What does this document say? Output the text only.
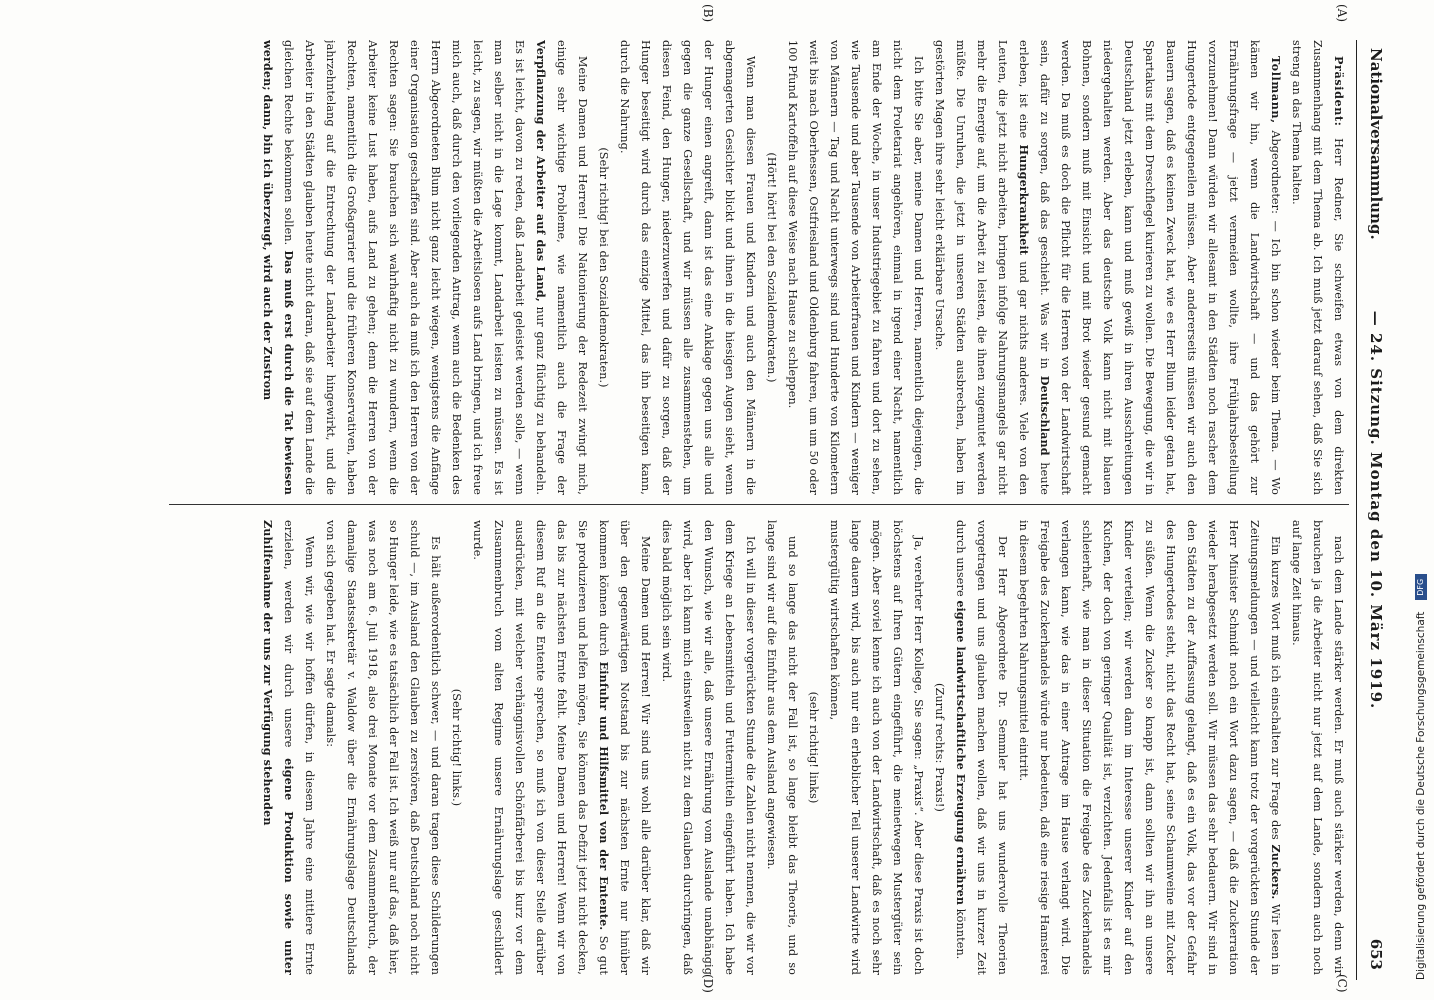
Nationalversammlung.
— 24. Sitzung. Montag den 10. März 1919.
653
(A)
(B)
(C)
(D)

Präsident: Herr Redner, Sie schweifen etwas von dem direkten Zusammenhang mit dem Thema ab. Ich muß jetzt darauf sehen, daß Sie sich streng an das Thema halten.

Tollmann, Abgeordneter: — Ich bin schon wieder beim Thema. — Wo kämen wir hin, wenn die Landwirtschaft — und das gehört zur Ernährungsfrage — jetzt vermeiden wollte, ihre Frühjahrsbestellung vorzunehmen! Dann würden wir allesamt in den Städten noch rascher dem Hungertode entgegeneilen müssen. Aber andererseits müssen wir auch den Bauern sagen, daß es keinen Zweck hat, wie es Herr Blum leider getan hat, Spartakus mit dem Dreschflegel kurieren zu wollen. Die Bewegung, die wir in Deutschland jetzt erleben, kann und muß gewiß in ihren Ausschreitungen niedergehalten werden. Aber das deutsche Volk kann nicht mit blauen Bohnen, sondern muß mit Einsicht und mit Brot wieder gesund gemacht werden. Da muß es doch die Pflicht für die Herren von der Landwirtschaft sein, dafür zu sorgen, daß das geschieht. Was wir in Deutschland heute erleben, ist eine Hungerkrankheit und gar nichts anderes. Viele von den Leuten, die jetzt nicht arbeiten, bringen infolge Nahrungsmangels gar nicht mehr die Energie auf, um die Arbeit zu leisten, die ihnen zugemutet werden müßte. Die Unruhen, die jetzt in unseren Städten ausbrechen, haben im gestörten Magen ihre sehr leicht erklärbare Ursache.

Ich bitte Sie aber, meine Damen und Herren, namentlich diejenigen, die nicht dem Proletariat angehören, einmal in irgend einer Nacht, namentlich am Ende der Woche, in unser Industriegebiet zu fahren und dort zu sehen, wie Tausende und aber Tausende von Arbeiterfrauen und Kindern — weniger von Männern — Tag und Nacht unterwegs sind und Hunderte von Kilometern weit bis nach Oberhessen, Ostfriesland und Oldenburg fahren, um um 50 oder 100 Pfund Kartoffeln auf diese Weise nach Hause zu schleppen.

(Hört! hört! bei den Sozialdemokraten.)

Wenn man diesen Frauen und Kindern und auch den Männern in die abgemagerten Gesichter blickt und ihnen in die hiesigen Augen sieht, wenn der Hunger einen angreift, dann ist das eine Anklage gegen uns alle und gegen die ganze Gesellschaft, und wir müssen alle zusammenstehen, um diesen Feind, den Hunger, niederzuwerfen und dafür zu sorgen, daß der Hunger beseitigt wird durch das einzige Mittel, das ihn beseitigen kann, durch die Nahrung.

(Sehr richtig! bei den Sozialdemokraten.)

Meine Damen und Herren! Die Nationierung der Redezeit zwingt mich, einige sehr wichtige Probleme, wie namentlich auch die Frage der Verpflanzung der Arbeiter auf das Land, nur ganz flüchtig zu behandeln. Es ist leicht, davon zu reden, daß Landarbeit geleistet werden solle, — wenn man selber nicht in die Lage kommt, Landarbeit leisten zu müssen. Es ist leicht, zu sagen, wir müßten die Arbeitslosen aufs Land bringen, und ich freue mich auch, daß durch den vorliegenden Antrag, wenn auch die Bedenken des Herrn Abgeordneten Blum nicht ganz leicht wiegen, wenigstens die Anfänge einer Organisation geschaffen sind. Aber auch da muß ich den Herren von der Rechten sagen: Sie brauchen sich wahrhaftig nicht zu wundern, wenn die Arbeiter keine Lust haben, aufs Land zu gehen; denn die Herren von der Rechten, namentlich die Großagrarier und die früheren Konservativen, haben jahrzehntelang auf die Entrechtung der Landarbeiter hingewirkt, und die Arbeiter in den Städten glauben heute nicht daran, daß sie auf dem Lande die gleichen Rechte bekommen sollen. Das muß erst durch die Tat bewiesen werden; dann, bin ich überzeugt, wird auch der Zustrom

nach dem Lande stärker werden. Er muß auch stärker werden, denn wir brauchen ja die Arbeiter nicht nur jetzt auf dem Lande, sondern auch noch auf lange Zeit hinaus.

Ein kurzes Wort muß ich einschalten zur Frage des Zuckers. Wir lesen in Zeitungsmeldungen — und vielleicht kann trotz der vorgerückten Stunde der Herr Minister Schmidt noch ein Wort dazu sagen, — daß die Zuckerration wieder herabgesetzt werden soll. Wir müssen das sehr bedauern. Wir sind in den Städten zu der Auffassung gelangt, daß es ein Volk, das vor der Gefahr des Hungertodes steht, nicht das Recht hat, seine Schaumweine mit Zucker zu süßen. Wenn die Zucker so knapp ist, dann sollten wir ihn an unsere Kinder verteilen; wir werden dann im Interesse unserer Kinder auf den Kuchen, der doch von geringer Qualität ist, verzichten. Jedenfalls ist es mir schleierhaft, wie man in dieser Situation die Freigabe des Zuckerhandels verlangen kann, wie das in einer Antrage im Hause verlangt wird. Die Freigabe des Zuckerhandels würde nur bedeuten, daß eine riesige Hamsterei in diesem begehrten Nahrungsmittel eintritt.

Der Herr Abgeordnete Dr. Semmler hat uns wundervolle Theorien vorgetragen und uns glauben machen wollen, daß wir uns in kurzer Zeit durch unsere eigene landwirtschaftliche Erzeugung ernähren könnten.

(Zuruf rechts: Praxis!)

Ja, verehrter Herr Kollege, Sie sagen: „Praxis“. Aber diese Praxis ist doch höchstens auf Ihren Gütern eingeführt, die meinetwegen Mustergüter sein mögen. Aber soviel kenne ich auch von der Landwirtschaft, daß es noch sehr lange dauern wird, bis auch nur ein erheblicher Teil unserer Landwirte wird mustergültig wirtschaften können,

(sehr richtig! links)

und so lange das nicht der Fall ist, so lange bleibt das Theorie, und so lange sind wir auf die Einfuhr aus dem Ausland angewiesen.

Ich will in dieser vorgerückten Stunde die Zahlen nicht nennen, die wir vor dem Kriege an Lebensmitteln und Futtermitteln eingeführt haben. Ich habe den Wunsch, wie wir alle, daß unsere Ernährung vom Auslande unabhängig wird, aber ich kann mich einstweilen nicht zu dem Glauben durchringen, daß dies bald möglich sein wird.

Meine Damen und Herren! Wir sind uns wohl alle darüber klar, daß wir über den gegenwärtigen Notstand bis zur nächsten Ernte nur hinüber kommen können durch Einfuhr und Hilfsmittel von der Entente. So gut Sie produzieren und helfen mögen, Sie können das Defizit jetzt nicht decken, das bis zur nächsten Ernte fehlt. Meine Damen und Herren! Wenn wir von diesem Ruf an die Entente sprechen, so muß ich von dieser Stelle darüber ausdrücken, mit welcher verhängnisvollen Schönfärberei bis kurz vor dem Zusammenbruch vom alten Regime unsere Ernährungslage geschildert wurde.

(Sehr richtig! links.)

Es hält außerordentlich schwer, — und daran tragen diese Schilderungen schuld —, im Ausland den Glauben zu zerstören, daß Deutschland noch nicht so Hunger leide, wie es tatsächlich der Fall ist. Ich weiß nur auf das, daß hier, was noch am 6. Juli 1918, also drei Monate vor dem Zusammenbruch, der damalige Staatssekretär v. Waldow über die Ernährungslage Deutschlands von sich gegeben hat. Er sagte damals:

Wenn wir, wie wir hoffen dürfen, in diesem Jahre eine mittlere Ernte erzielen, werden wir durch unsere eigene Produktion sowie unter Zuhilfenahme der uns zur Verfügung stehenden	Digitalisierung gefördert durch die Deutsche Forschungsgemeinschaft DFG
